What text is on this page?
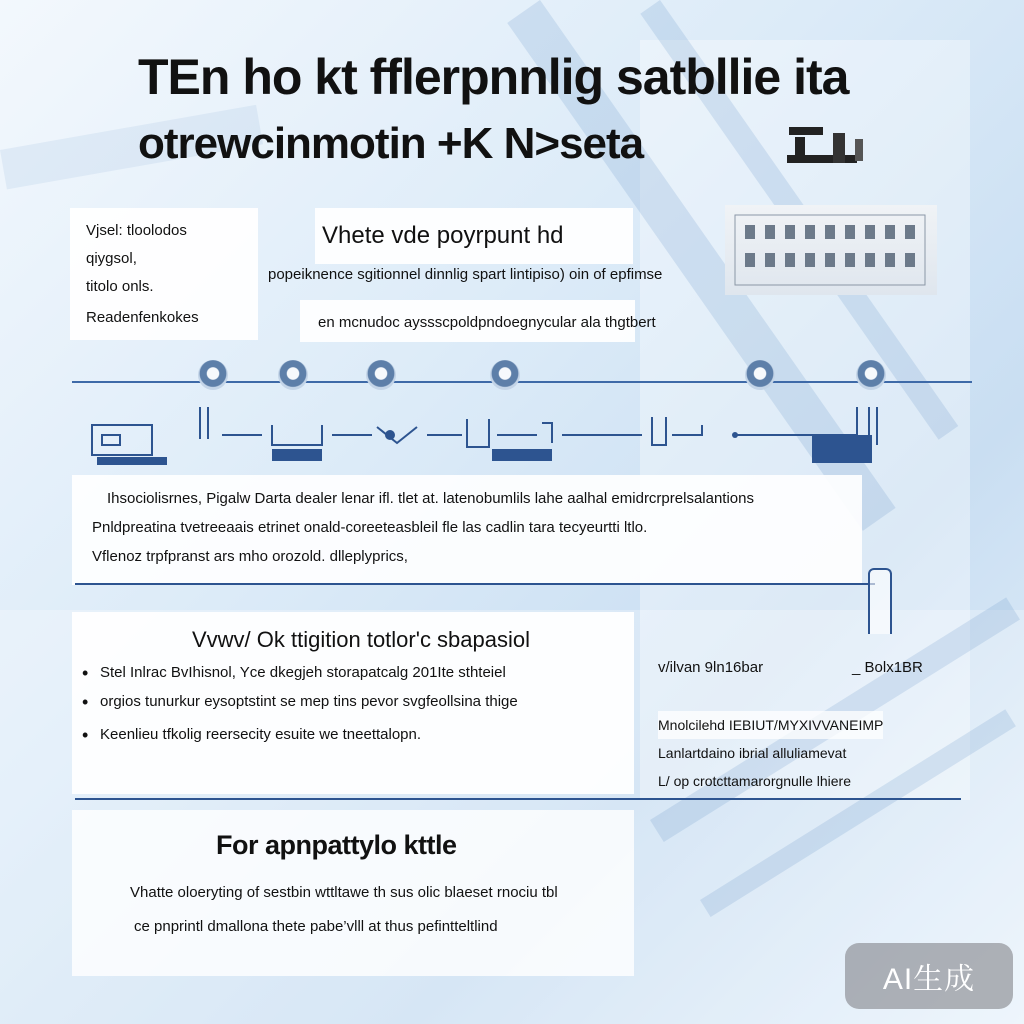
TEn ho kt fflerpnnlig satbllie ita
otrewcinmotin +K N>seta
Vjsel: tloolodos
qiygsol,
titolo onls.
Readenfenkokes
Vhete vde poyrpunt hd
popeiknence sgitionnel dinnlig spart lintipiso) oin of epfimse
en mcnudoc ayssscpoldpndoegnycular ala thgtbert
Ihsociolisrnes, Pigalw Darta dealer lenar ifl. tlet at. latenobumlils lahe aalhal emidrcrprelsalantions
Pnldpreatina tvetreeaais etrinet onald-coreeteasbleil fle las cadlin tara tecyeurtti ltlo.
Vflenoz trpfpranst ars mho orozold. dlleplyprics,
Vvwv/ Ok ttigition totlor'c sbapasiol
• Stel Inlrac BvIhisnol, Yce dkegjeh storapatcalg 201Ite sthteiel
• orgios tunurkur eysoptstint se mep tins pevor svgfeollsina thige
• Keenlieu tfkolig reersecity esuite we tneettalopn.
v/ilvan 9ln16bar	_ Bolx1BR
Mnolcilehd IEBIUT/MYXIVVANEIMP
Lanlartdaino ibrial alluliamevat
L/ op crotcttamarorgnulle lhiere
For apnpattylo kttle
Vhatte oloeryting of sestbin wttltawe th sus olic blaeset rnociu tbl
ce pnprintl dmallona thete pabe’vlll at thus pefintteltlind
AI生成
